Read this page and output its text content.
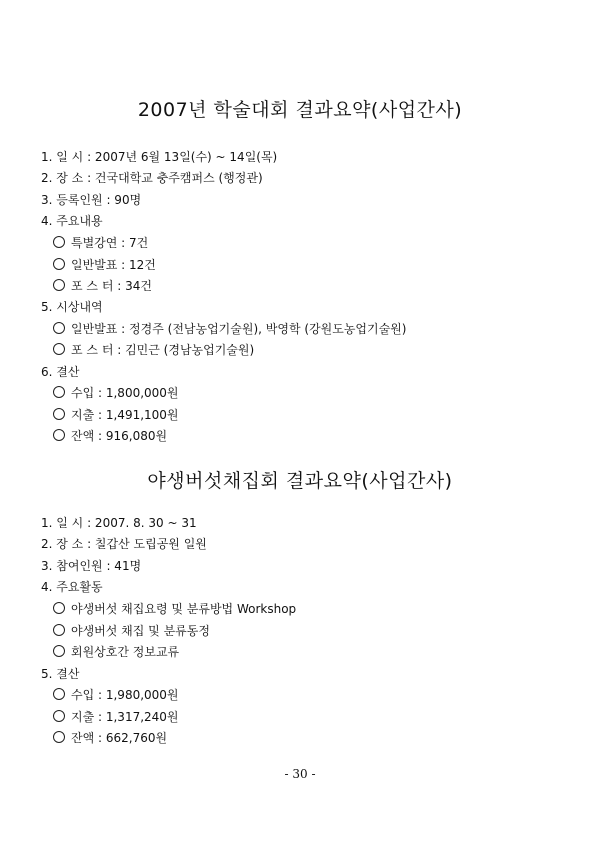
2007년 학술대회 결과요약(사업간사)
1. 일 시 : 2007년 6월 13일(수) ~ 14일(목)
2. 장 소 : 건국대학교 충주캠퍼스 (행정관)
3. 등록인원 : 90명
4. 주요내용
특별강연 : 7건
일반발표 : 12건
포 스 터 : 34건
5. 시상내역
일반발표 : 정경주 (전남농업기술원), 박영학 (강원도농업기술원)
포 스 터 : 김민근 (경남농업기술원)
6. 결산
수입 : 1,800,000원
지출 : 1,491,100원
잔액 : 916,080원
야생버섯채집회 결과요약(사업간사)
1. 일 시 : 2007. 8. 30 ~ 31
2. 장 소 : 칠갑산 도립공원 일원
3. 참여인원 : 41명
4. 주요활동
야생버섯 채집요령 및 분류방법 Workshop
야생버섯 채집 및 분류동정
회원상호간 정보교류
5. 결산
수입 : 1,980,000원
지출 : 1,317,240원
잔액 : 662,760원
- 30 -
